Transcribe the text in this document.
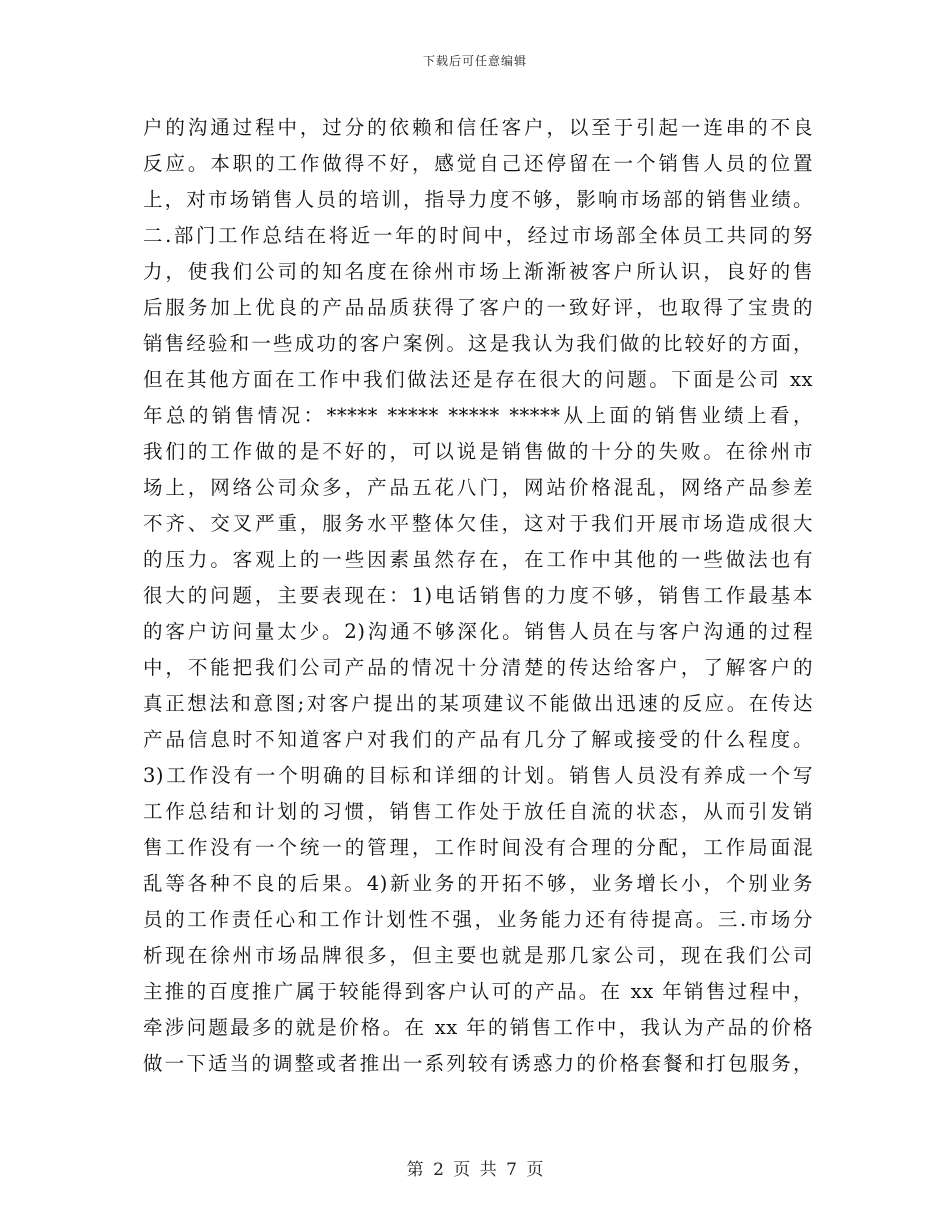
下载后可任意编辑
户的沟通过程中，过分的依赖和信任客户，以至于引起一连串的不良
反应。本职的工作做得不好，感觉自己还停留在一个销售人员的位置
上，对市场销售人员的培训，指导力度不够，影响市场部的销售业绩。
二.部门工作总结在将近一年的时间中，经过市场部全体员工共同的努
力，使我们公司的知名度在徐州市场上渐渐被客户所认识，良好的售
后服务加上优良的产品品质获得了客户的一致好评，也取得了宝贵的
销售经验和一些成功的客户案例。这是我认为我们做的比较好的方面，
但在其他方面在工作中我们做法还是存在很大的问题。下面是公司 xx
年总的销售情况：***** ***** ***** *****从上面的销售业绩上看，
我们的工作做的是不好的，可以说是销售做的十分的失败。在徐州市
场上，网络公司众多，产品五花八门，网站价格混乱，网络产品参差
不齐、交叉严重，服务水平整体欠佳，这对于我们开展市场造成很大
的压力。客观上的一些因素虽然存在，在工作中其他的一些做法也有
很大的问题，主要表现在：1)电话销售的力度不够，销售工作最基本
的客户访问量太少。2)沟通不够深化。销售人员在与客户沟通的过程
中，不能把我们公司产品的情况十分清楚的传达给客户，了解客户的
真正想法和意图;对客户提出的某项建议不能做出迅速的反应。在传达
产品信息时不知道客户对我们的产品有几分了解或接受的什么程度。
3)工作没有一个明确的目标和详细的计划。销售人员没有养成一个写
工作总结和计划的习惯，销售工作处于放任自流的状态，从而引发销
售工作没有一个统一的管理，工作时间没有合理的分配，工作局面混
乱等各种不良的后果。4)新业务的开拓不够，业务增长小，个别业务
员的工作责任心和工作计划性不强，业务能力还有待提高。三.市场分
析现在徐州市场品牌很多，但主要也就是那几家公司，现在我们公司
主推的百度推广属于较能得到客户认可的产品。在 xx 年销售过程中，
牵涉问题最多的就是价格。在 xx 年的销售工作中，我认为产品的价格
做一下适当的调整或者推出一系列较有诱惑力的价格套餐和打包服务，
第 2 页 共 7 页
